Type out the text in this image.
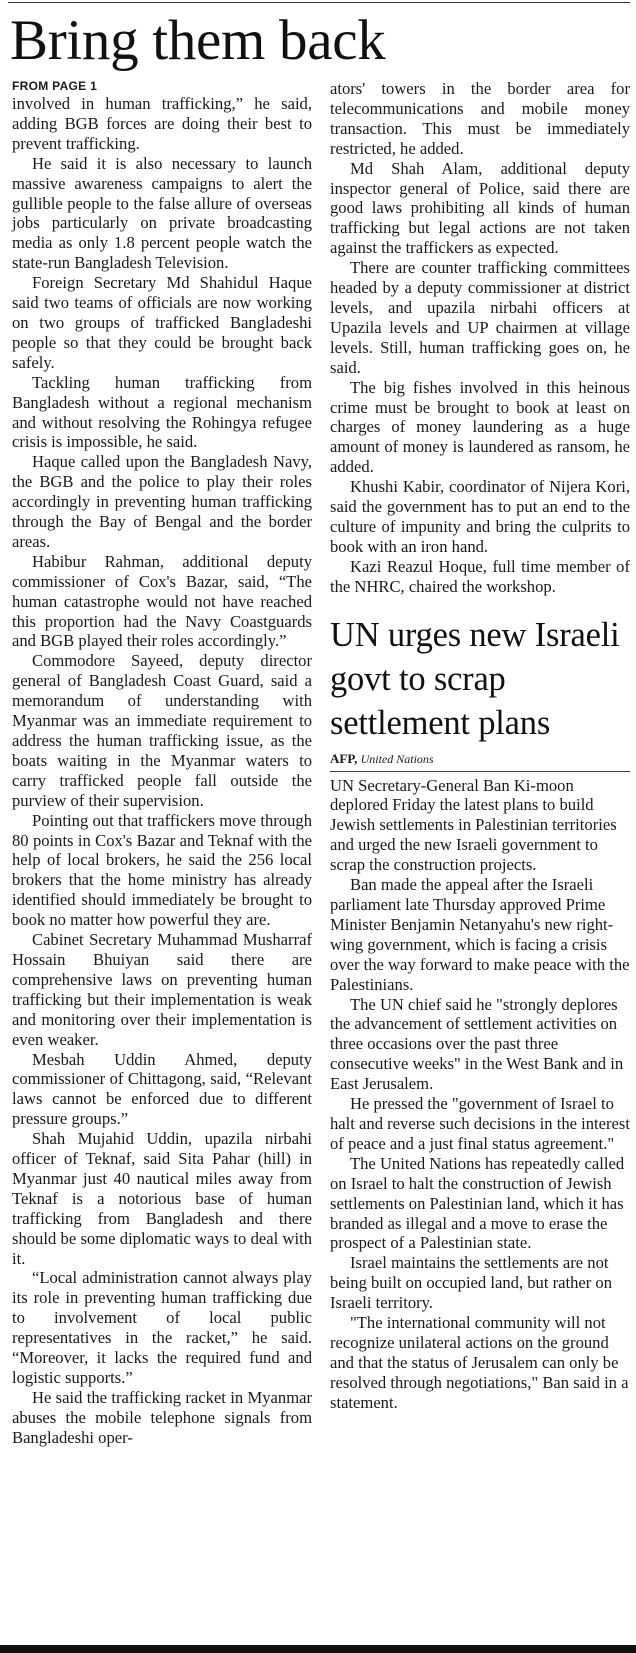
Bring them back
FROM PAGE 1

involved in human trafficking,” he said, adding BGB forces are doing their best to prevent trafficking.

He said it is also necessary to launch massive awareness campaigns to alert the gullible people to the false allure of overseas jobs particularly on private broadcasting media as only 1.8 percent people watch the state-run Bangladesh Television.

Foreign Secretary Md Shahidul Haque said two teams of officials are now working on two groups of trafficked Bangladeshi people so that they could be brought back safely.

Tackling human trafficking from Bangladesh without a regional mechanism and without resolving the Rohingya refugee crisis is impossible, he said.

Haque called upon the Bangladesh Navy, the BGB and the police to play their roles accordingly in preventing human trafficking through the Bay of Bengal and the border areas.

Habibur Rahman, additional deputy commissioner of Cox's Bazar, said, “The human catastrophe would not have reached this proportion had the Navy Coastguards and BGB played their roles accordingly.”

Commodore Sayeed, deputy director general of Bangladesh Coast Guard, said a memorandum of understanding with Myanmar was an immediate requirement to address the human trafficking issue, as the boats waiting in the Myanmar waters to carry trafficked people fall outside the purview of their supervision.

Pointing out that traffickers move through 80 points in Cox's Bazar and Teknaf with the help of local brokers, he said the 256 local brokers that the home ministry has already identified should immediately be brought to book no matter how powerful they are.

Cabinet Secretary Muhammad Musharraf Hossain Bhuiyan said there are comprehensive laws on preventing human trafficking but their implementation is weak and monitoring over their implementation is even weaker.

Mesbah Uddin Ahmed, deputy commissioner of Chittagong, said, “Relevant laws cannot be enforced due to different pressure groups.”

Shah Mujahid Uddin, upazila nirbahi officer of Teknaf, said Sita Pahar (hill) in Myanmar just 40 nautical miles away from Teknaf is a notorious base of human trafficking from Bangladesh and there should be some diplomatic ways to deal with it.

“Local administration cannot always play its role in preventing human trafficking due to involvement of local public representatives in the racket,” he said. “Moreover, it lacks the required fund and logistic supports.”

He said the trafficking racket in Myanmar abuses the mobile telephone signals from Bangladeshi oper-

ators' towers in the border area for telecommunications and mobile money transaction. This must be immediately restricted, he added.

Md Shah Alam, additional deputy inspector general of Police, said there are good laws prohibiting all kinds of human trafficking but legal actions are not taken against the traffickers as expected.

There are counter trafficking committees headed by a deputy commissioner at district levels, and upazila nirbahi officers at Upazila levels and UP chairmen at village levels. Still, human trafficking goes on, he said.

The big fishes involved in this heinous crime must be brought to book at least on charges of money laundering as a huge amount of money is laundered as ransom, he added.

Khushi Kabir, coordinator of Nijera Kori, said the government has to put an end to the culture of impunity and bring the culprits to book with an iron hand.

Kazi Reazul Hoque, full time member of the NHRC, chaired the workshop.

UN urges new Israeli govt to scrap settlement plans
AFP, United Nations

UN Secretary-General Ban Ki-moon deplored Friday the latest plans to build Jewish settlements in Palestinian territories and urged the new Israeli government to scrap the construction projects.

Ban made the appeal after the Israeli parliament late Thursday approved Prime Minister Benjamin Netanyahu's new right-wing government, which is facing a crisis over the way forward to make peace with the Palestinians.

The UN chief said he "strongly deplores the advancement of settlement activities on three occasions over the past three consecutive weeks" in the West Bank and in East Jerusalem.

He pressed the "government of Israel to halt and reverse such decisions in the interest of peace and a just final status agreement."

The United Nations has repeatedly called on Israel to halt the construction of Jewish settlements on Palestinian land, which it has branded as illegal and a move to erase the prospect of a Palestinian state.

Israel maintains the settlements are not being built on occupied land, but rather on Israeli territory.

"The international community will not recognize unilateral actions on the ground and that the status of Jerusalem can only be resolved through negotiations," Ban said in a statement.
